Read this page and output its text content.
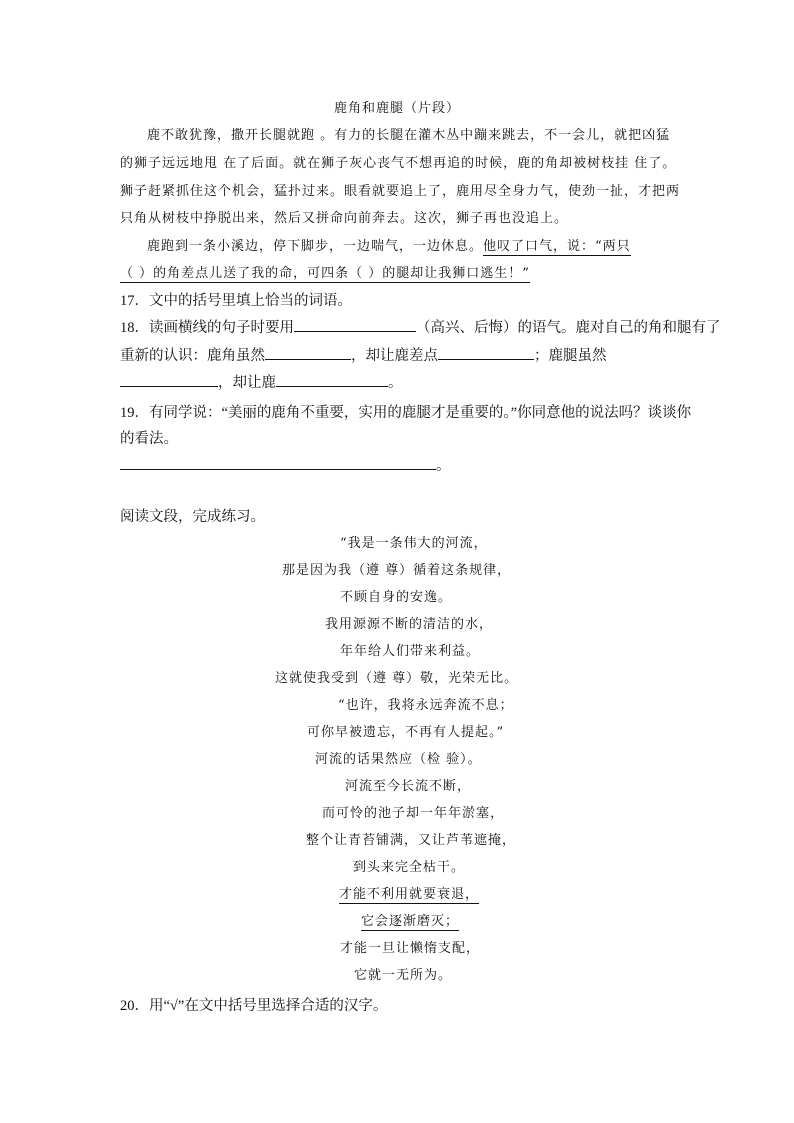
鹿角和鹿腿（片段）
鹿不敢犹豫，撒开长腿就跑 。有力的长腿在灌木丛中蹦来跳去，不一会儿，就把凶猛
的狮子远远地甩 在了后面。就在狮子灰心丧气不想再追的时候，鹿的角却被树枝挂 住了。
狮子赶紧抓住这个机会，猛扑过来。眼看就要追上了，鹿用尽全身力气，使劲一扯，才把两
只角从树枝中挣脱出来，然后又拼命向前奔去。这次，狮子再也没追上。
鹿跑到一条小溪边，停下脚步，一边喘气，一边休息。他叹了口气，说：“两只
（ ）的角差点儿送了我的命，可四条（ ）的腿却让我狮口逃生！”
17．文中的括号里填上恰当的词语。
18．读画横线的句子时要用	（高兴、后悔）的语气。鹿对自己的角和腿有了
重新的认识：鹿角虽然	，却让鹿差点	；鹿腿虽然
，却让鹿	。
19．有同学说：“美丽的鹿角不重要，实用的鹿腿才是重要的。”你同意他的说法吗？谈谈你
的看法。
。
阅读文段，完成练习。
“我是一条伟大的河流，
那是因为我（遵 尊）循着这条规律，
不顾自身的安逸。
我用源源不断的清洁的水，
年年给人们带来利益。
这就使我受到（遵 尊）敬，光荣无比。
“也许，我将永远奔流不息；
可你早被遗忘，不再有人提起。”
河流的话果然应（检 验）。
河流至今长流不断，
而可怜的池子却一年年淤塞，
整个让青苔铺满，又让芦苇遮掩，
到头来完全枯干。
才能不利用就要衰退，
它会逐渐磨灭；
才能一旦让懒惰支配，
它就一无所为。
20．用“√”在文中括号里选择合适的汉字。
